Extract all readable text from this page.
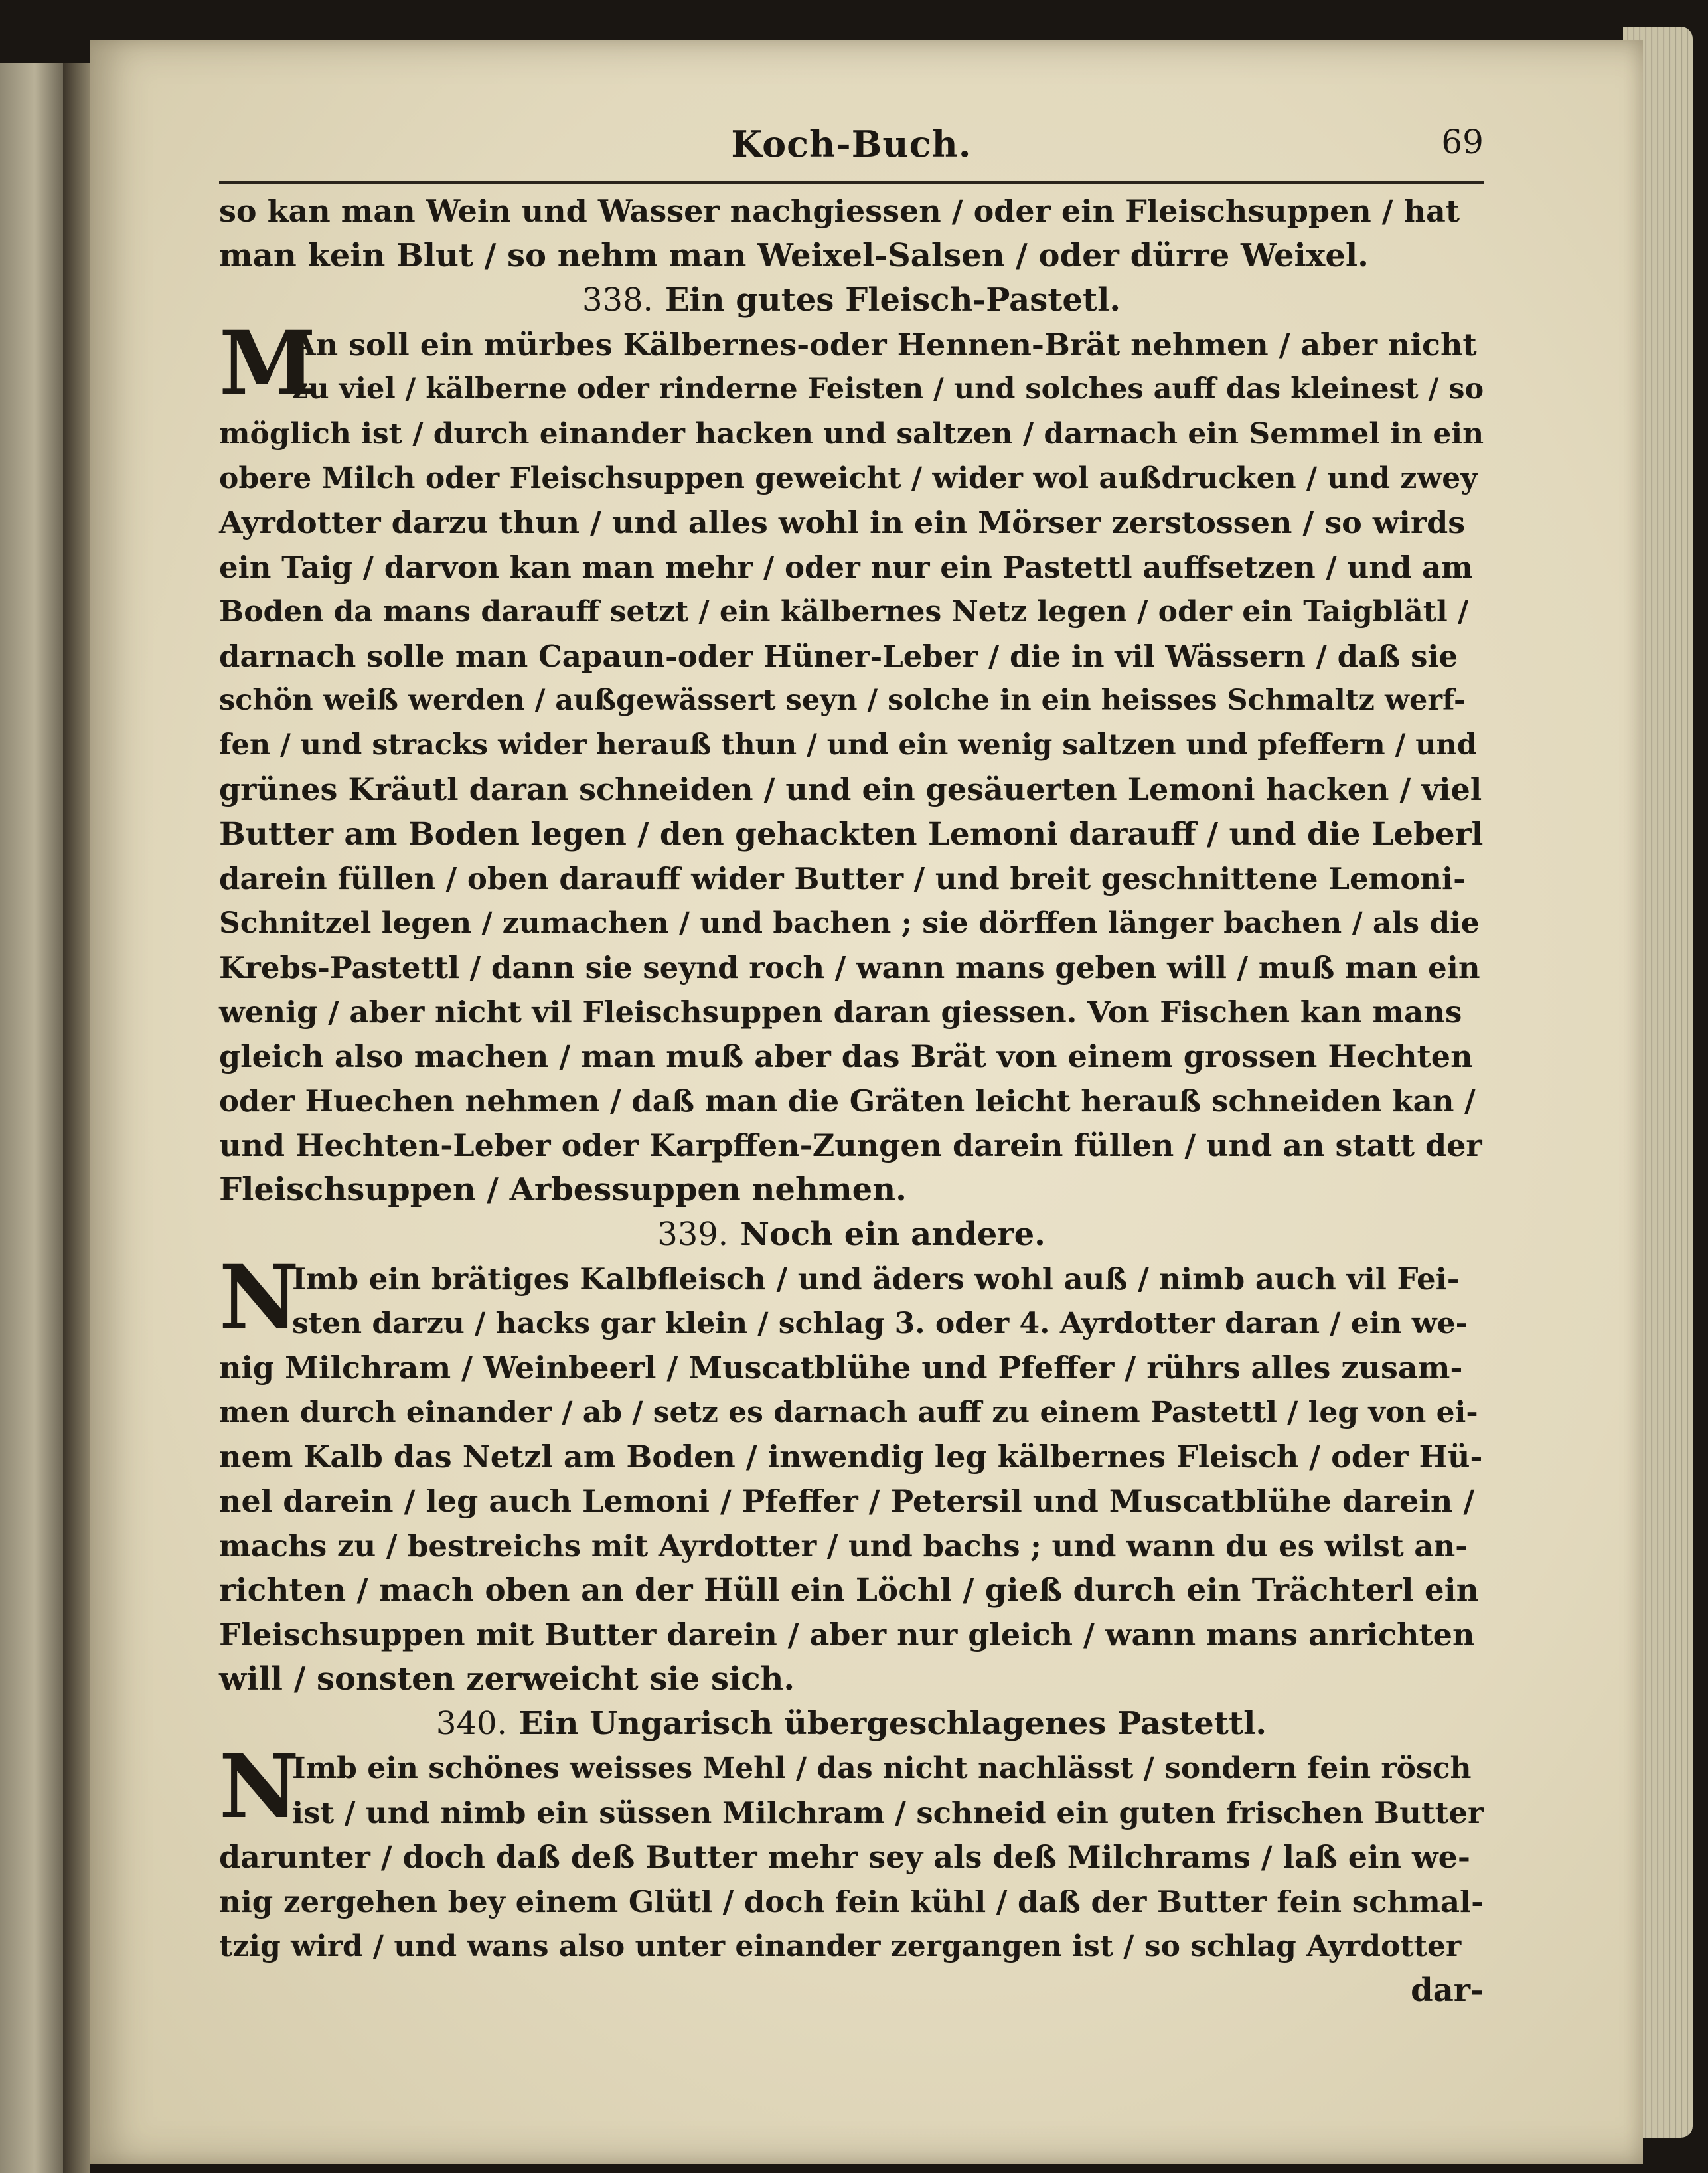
Koch-Buch.	69
so kan man Wein und Wasser nachgiessen / oder ein Fleischsuppen / hat
man kein Blut / so nehm man Weixel-Salsen / oder dürre Weixel.
338. Ein gutes Fleisch-Pastetl.
M
An soll ein mürbes Kälbernes-oder Hennen-Brät nehmen / aber nicht
zu viel / kälberne oder rinderne Feisten / und solches auff das kleinest / so
möglich ist / durch einander hacken und saltzen / darnach ein Semmel in ein
obere Milch oder Fleischsuppen geweicht / wider wol außdrucken / und zwey
Ayrdotter darzu thun / und alles wohl in ein Mörser zerstossen / so wirds
ein Taig / darvon kan man mehr / oder nur ein Pastettl auffsetzen / und am
Boden da mans darauff setzt / ein kälbernes Netz legen / oder ein Taigblätl /
darnach solle man Capaun-oder Hüner-Leber / die in vil Wässern / daß sie
schön weiß werden / außgewässert seyn / solche in ein heisses Schmaltz werf-
fen / und stracks wider herauß thun / und ein wenig saltzen und pfeffern / und
grünes Kräutl daran schneiden / und ein gesäuerten Lemoni hacken / viel
Butter am Boden legen / den gehackten Lemoni darauff / und die Leberl
darein füllen / oben darauff wider Butter / und breit geschnittene Lemoni-
Schnitzel legen / zumachen / und bachen ; sie dörffen länger bachen / als die
Krebs-Pastettl / dann sie seynd roch / wann mans geben will / muß man ein
wenig / aber nicht vil Fleischsuppen daran giessen. Von Fischen kan mans
gleich also machen / man muß aber das Brät von einem grossen Hechten
oder Huechen nehmen / daß man die Gräten leicht herauß schneiden kan /
und Hechten-Leber oder Karpffen-Zungen darein füllen / und an statt der
Fleischsuppen / Arbessuppen nehmen.
339. Noch ein andere.
N
Imb ein brätiges Kalbfleisch / und äders wohl auß / nimb auch vil Fei-
sten darzu / hacks gar klein / schlag 3. oder 4. Ayrdotter daran / ein we-
nig Milchram / Weinbeerl / Muscatblühe und Pfeffer / rührs alles zusam-
men durch einander / ab / setz es darnach auff zu einem Pastettl / leg von ei-
nem Kalb das Netzl am Boden / inwendig leg kälbernes Fleisch / oder Hü-
nel darein / leg auch Lemoni / Pfeffer / Petersil und Muscatblühe darein /
machs zu / bestreichs mit Ayrdotter / und bachs ; und wann du es wilst an-
richten / mach oben an der Hüll ein Löchl / gieß durch ein Trächterl ein
Fleischsuppen mit Butter darein / aber nur gleich / wann mans anrichten
will / sonsten zerweicht sie sich.
340. Ein Ungarisch übergeschlagenes Pastettl.
N
Imb ein schönes weisses Mehl / das nicht nachlässt / sondern fein rösch
ist / und nimb ein süssen Milchram / schneid ein guten frischen Butter
darunter / doch daß deß Butter mehr sey als deß Milchrams / laß ein we-
nig zergehen bey einem Glütl / doch fein kühl / daß der Butter fein schmal-
tzig wird / und wans also unter einander zergangen ist / so schlag Ayrdotter
dar-
